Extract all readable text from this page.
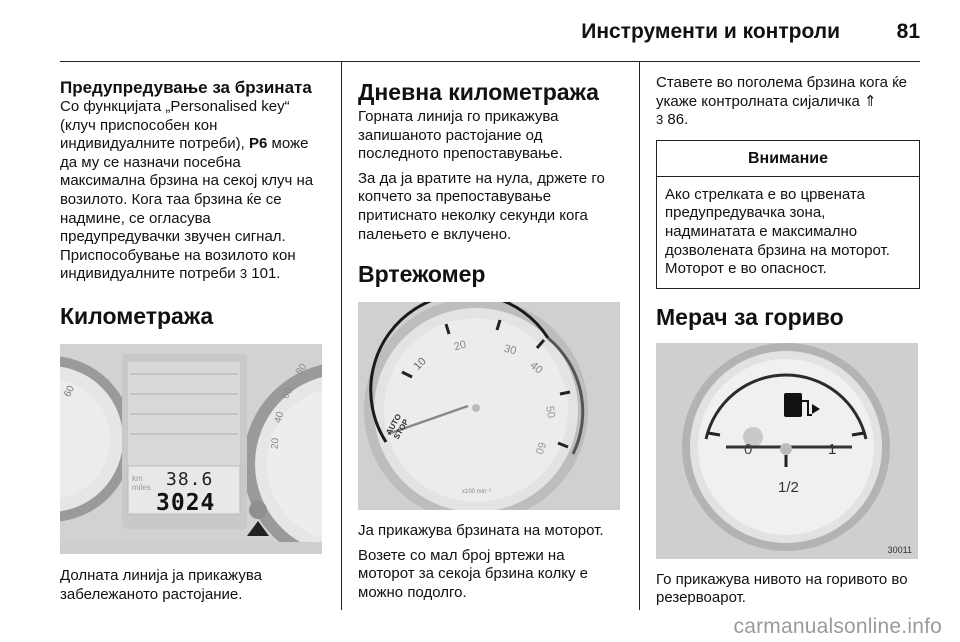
Инструменти и контроли	81
Предупредување за брзината
Со функцијата „Personalised key“ (клуч приспособен кон индивидуалните потреби), P6 може да му се назначи посебна максимална брзина на секој клуч на возилото. Кога таа брзина ќе се надмине, се огласува предупредувачки звучен сигнал. Приспособувањe на возилото кон индивидуалните потреби 3 101.
Километража
60	60
80
40
20
km
miles 38.6
3024
Долната линија ја прикажува забележаното растојание.
Дневна километража
Горната линија го прикажува запишаното растојание од последното препоставување.
За да ја вратите на нула, држете го копчето за препоставување притиснато неколку секунди кога палењето е вклучено.
Вртежомер
10
20	30
40
50
60
AUTO STOP
x100 min⁻¹
Ја прикажува брзината на моторот.
Возете со мал број вртежи на моторот за секоја брзина колку е можно подолго.
Ставете во поголема брзина кога ќе укаже контролната сијаличка ⇑
3 86.
Внимание
Ако стрелката е во црвената предупредувачка зона, надминатата е максимално дозволената брзина на моторот. Моторот е во опасност.
Мерач за гориво
0	1
1/2
30011
Го прикажува нивото на горивото во резервоарот.
carmanualsonline.info
